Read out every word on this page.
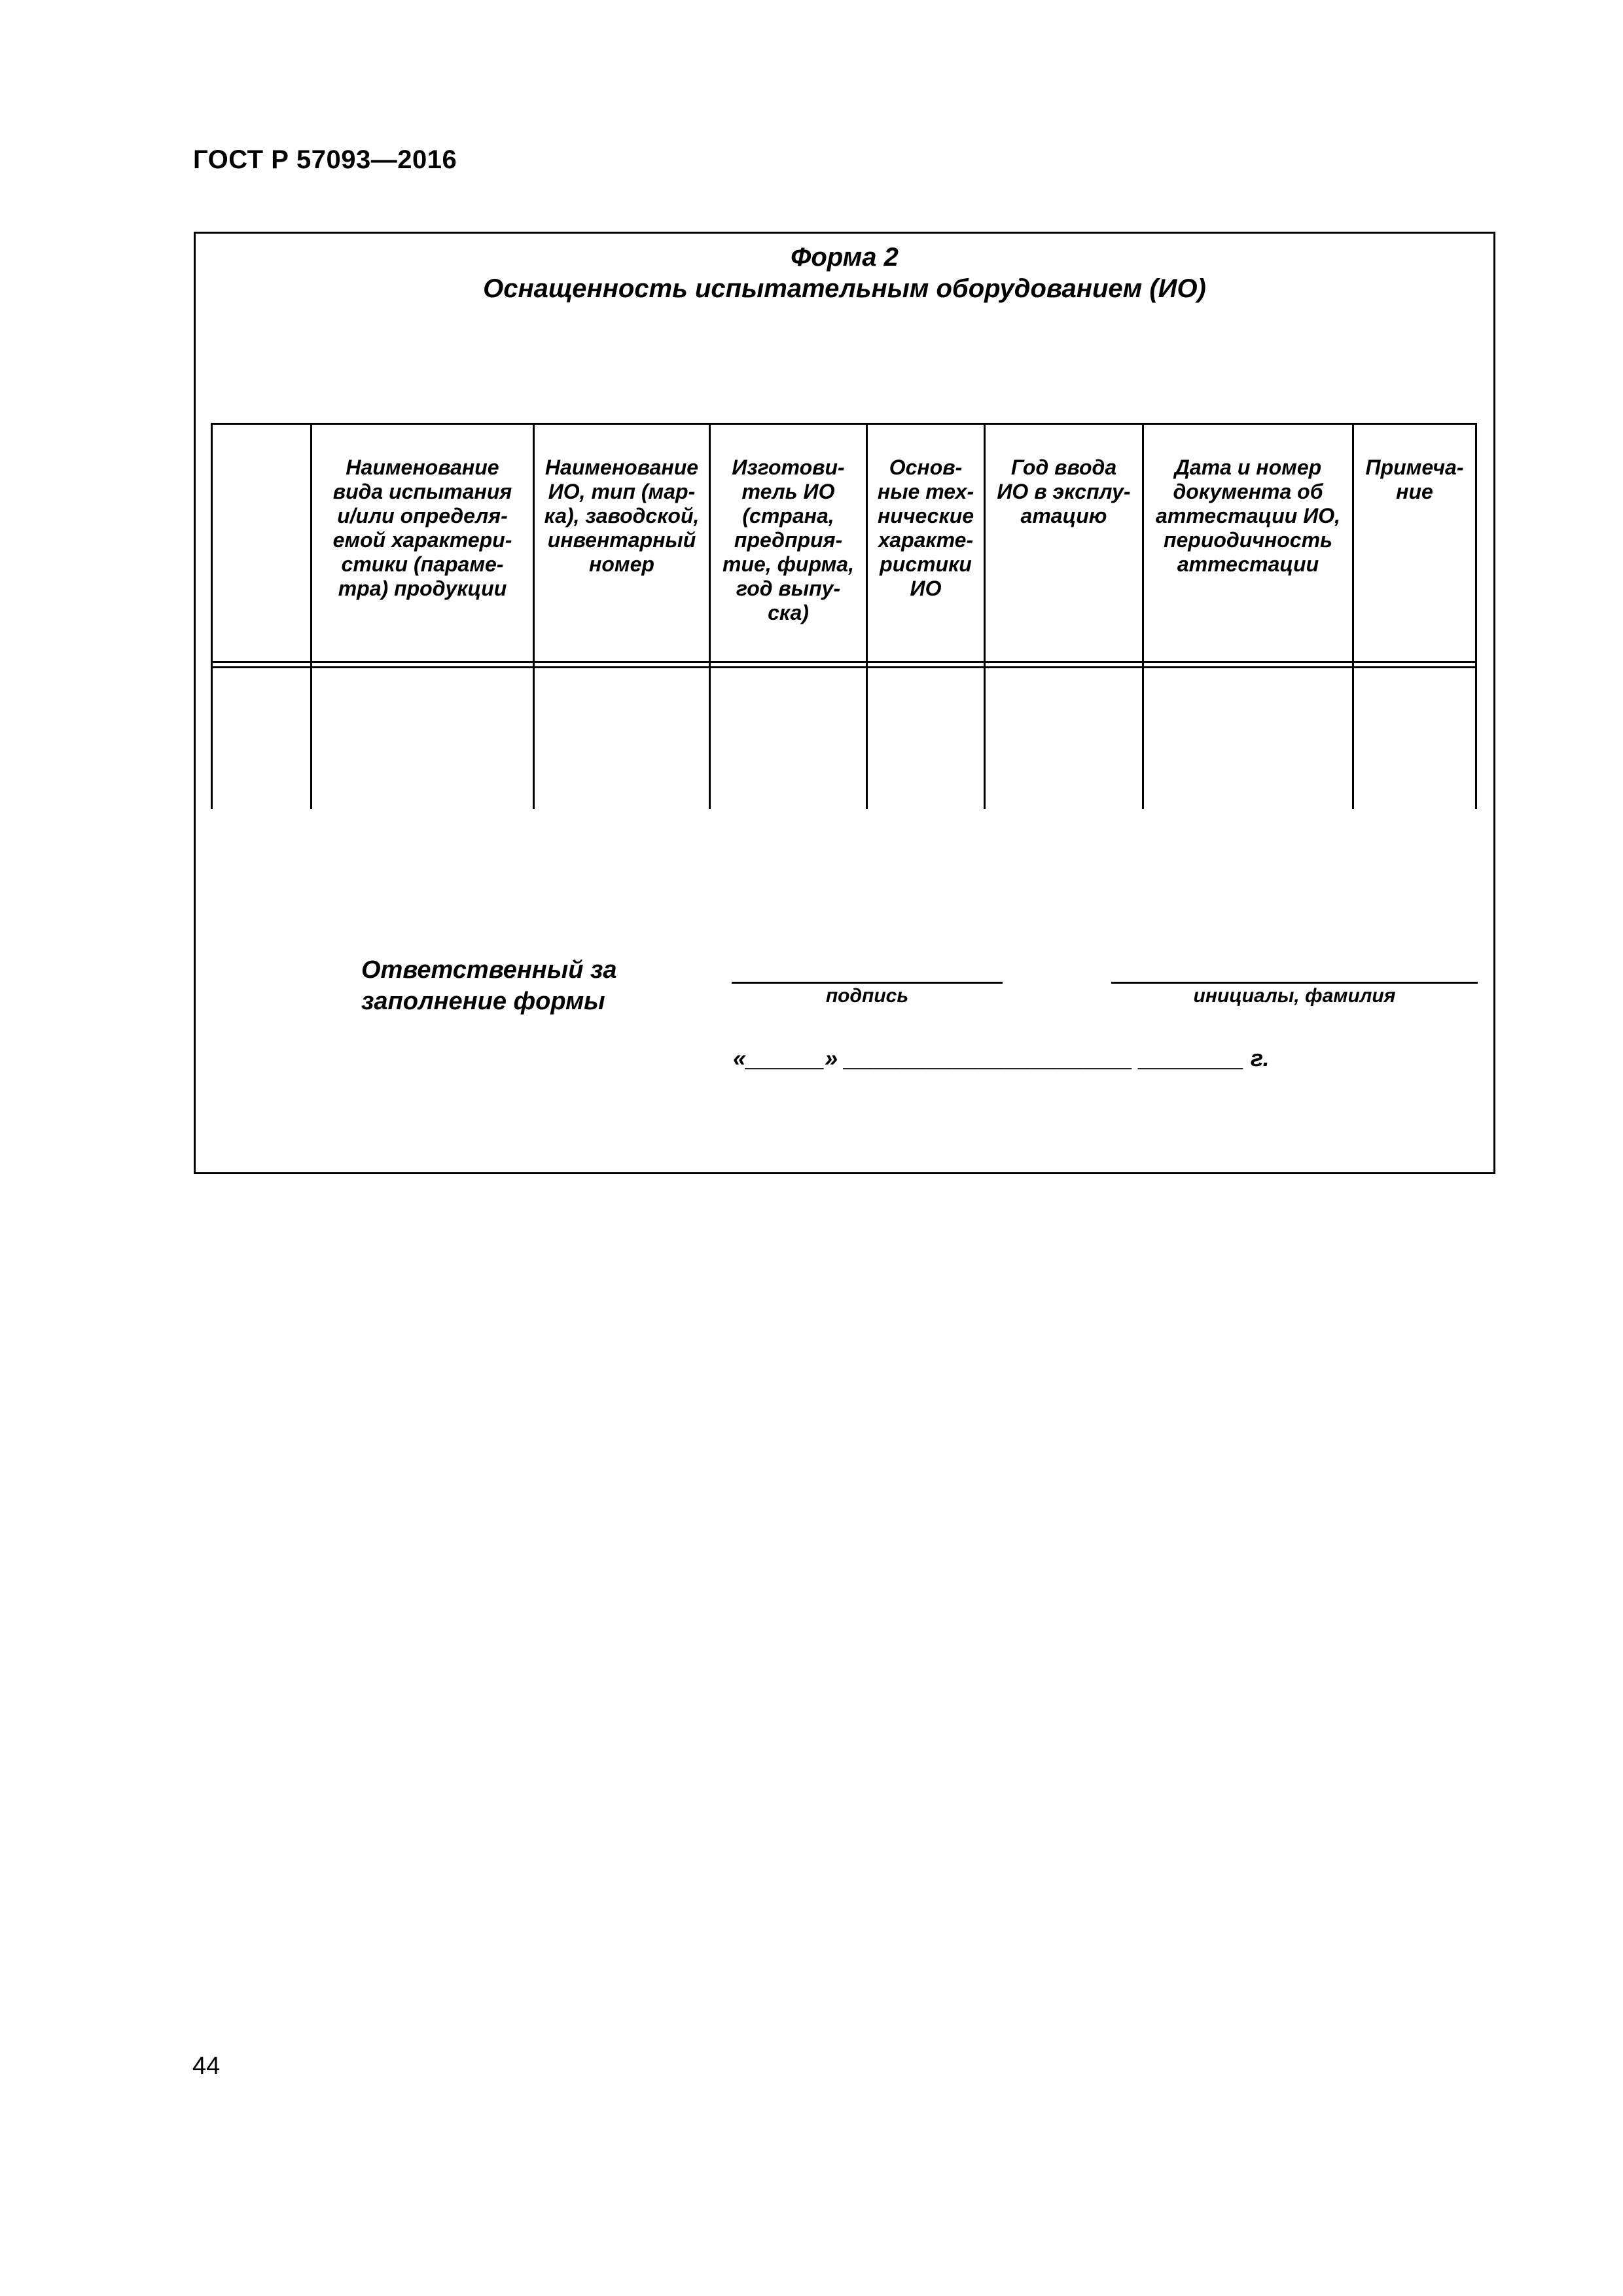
ГОСТ Р 57093—2016
Форма 2
Оснащенность испытательным оборудованием (ИО)
Наименование
вида испытания
и/или определя-
емой характери-
стики (параме-
тра) продукции
Наименование
ИО, тип (мар-
ка), заводской,
инвентарный
номер
Изготови-
тель ИО
(страна,
предприя-
тие, фирма,
год выпу-
ска)
Основ-
ные тех-
нические
характе-
ристики
ИО
Год ввода
ИО в эксплу-
атацию
Дата и номер
документа об
аттестации ИО,
периодичность
аттестации
Примеча-
ние
Ответственный за
заполнение формы	подпись	инициалы, фамилия
«______» ______________________ ________ г.
44
